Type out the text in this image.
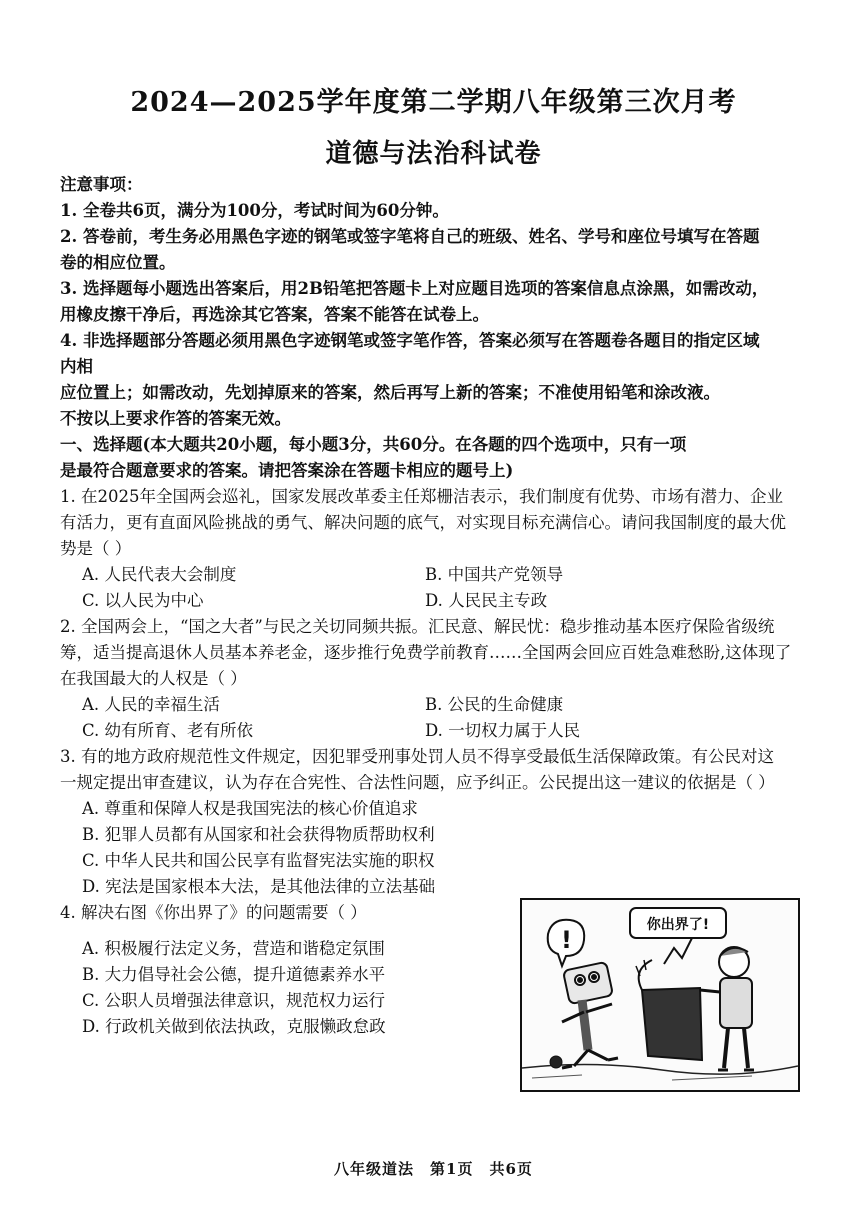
2024—2025学年度第二学期八年级第三次月考
道德与法治科试卷
注意事项：
1. 全卷共6页，满分为100分，考试时间为60分钟。
2. 答卷前，考生务必用黑色字迹的钢笔或签字笔将自己的班级、姓名、学号和座位号填写在答题
卷的相应位置。
3. 选择题每小题选出答案后，用2B铅笔把答题卡上对应题目选项的答案信息点涂黑，如需改动，
用橡皮擦干净后，再选涂其它答案，答案不能答在试卷上。
4. 非选择题部分答题必须用黑色字迹钢笔或签字笔作答，答案必须写在答题卷各题目的指定区域
内相
应位置上；如需改动，先划掉原来的答案，然后再写上新的答案；不准使用铅笔和涂改液。
不按以上要求作答的答案无效。
一、选择题(本大题共20小题，每小题3分，共60分。在各题的四个选项中，只有一项
是最符合题意要求的答案。请把答案涂在答题卡相应的题号上)
1. 在2025年全国两会巡礼，国家发展改革委主任郑栅洁表示，我们制度有优势、市场有潜力、企业
有活力，更有直面风险挑战的勇气、解决问题的底气，对实现目标充满信心。请问我国制度的最大优
势是（ ）
A. 人民代表大会制度	B. 中国共产党领导
C. 以人民为中心	D. 人民民主专政
2. 全国两会上，“国之大者”与民之关切同频共振。汇民意、解民忧：稳步推动基本医疗保险省级统
筹，适当提高退休人员基本养老金，逐步推行免费学前教育……全国两会回应百姓急难愁盼,这体现了
在我国最大的人权是（ ）
A. 人民的幸福生活	B. 公民的生命健康
C. 幼有所育、老有所依	D. 一切权力属于人民
3. 有的地方政府规范性文件规定，因犯罪受刑事处罚人员不得享受最低生活保障政策。有公民对这
一规定提出审查建议，认为存在合宪性、合法性问题，应予纠正。公民提出这一建议的依据是（ ）
A. 尊重和保障人权是我国宪法的核心价值追求
B. 犯罪人员都有从国家和社会获得物质帮助权利
C. 中华人民共和国公民享有监督宪法实施的职权
D. 宪法是国家根本大法，是其他法律的立法基础
4. 解决右图《你出界了》的问题需要（ ）
A. 积极履行法定义务，营造和谐稳定氛围
B. 大力倡导社会公德，提升道德素养水平
C. 公职人员增强法律意识，规范权力运行
D. 行政机关做到依法执政，克服懒政怠政
!
你出界了!
八年级道法　第1页　共6页
